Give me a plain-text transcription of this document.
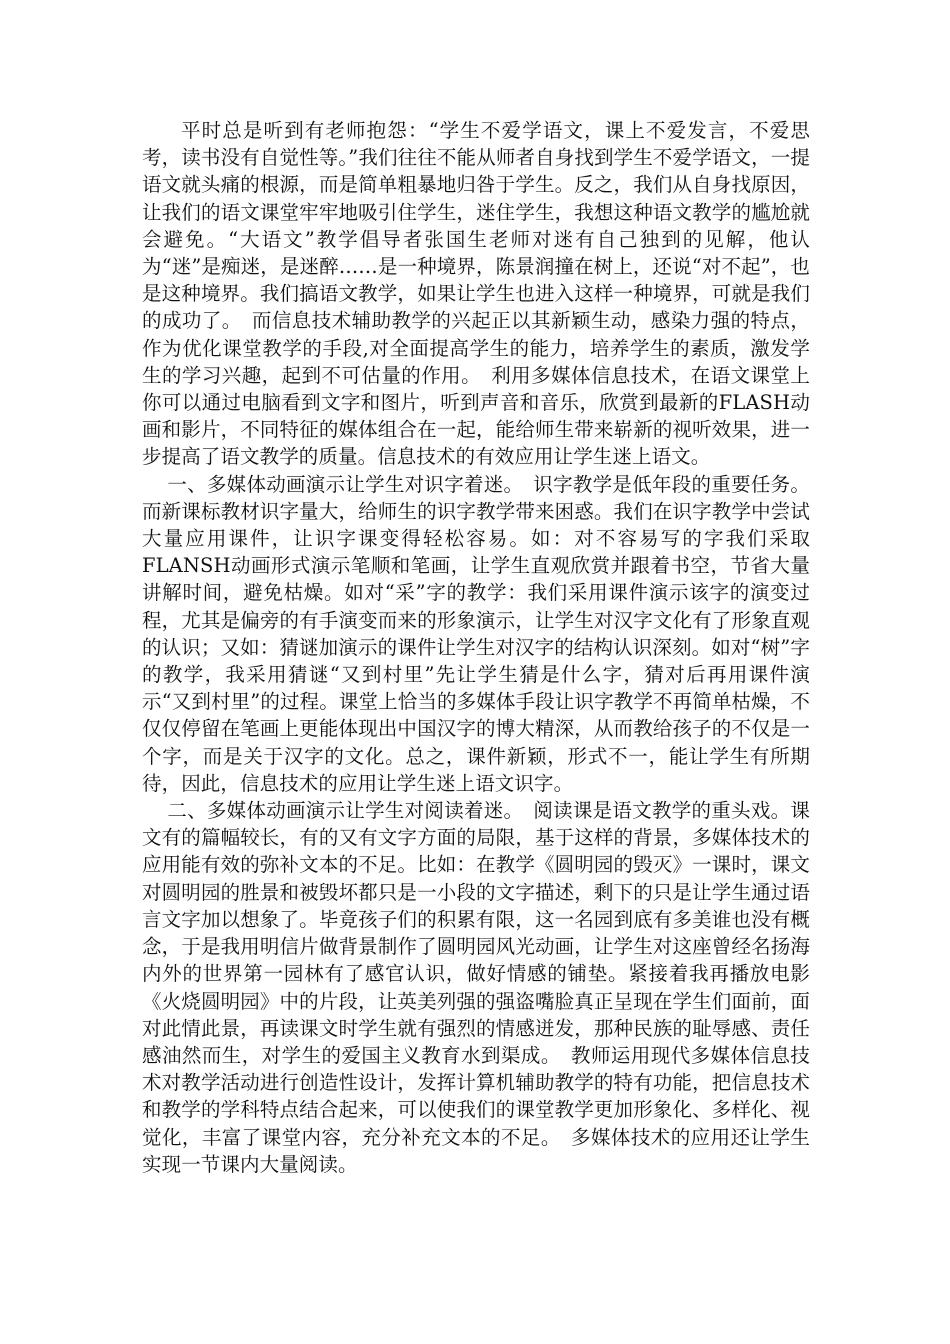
平时总是听到有老师抱怨：“学生不爱学语文，课上不爱发言，不爱思考，读书没有自觉性等。”我们往往不能从师者自身找到学生不爱学语文，一提语文就头痛的根源，而是简单粗暴地归咎于学生。反之，我们从自身找原因，让我们的语文课堂牢牢地吸引住学生，迷住学生，我想这种语文教学的尴尬就会避免。“大语文”教学倡导者张国生老师对迷有自己独到的见解，他认为“迷”是痴迷，是迷醉……是一种境界，陈景润撞在树上，还说“对不起”，也是这种境界。我们搞语文教学，如果让学生也进入这样一种境界，可就是我们的成功了。　而信息技术辅助教学的兴起正以其新颖生动，感染力强的特点，作为优化课堂教学的手段,对全面提高学生的能力，培养学生的素质，激发学生的学习兴趣，起到不可估量的作用。　利用多媒体信息技术，在语文课堂上你可以通过电脑看到文字和图片，听到声音和音乐，欣赏到最新的FLASH动画和影片，不同特征的媒体组合在一起，能给师生带来崭新的视听效果，进一步提高了语文教学的质量。信息技术的有效应用让学生迷上语文。

一、多媒体动画演示让学生对识字着迷。　识字教学是低年段的重要任务。而新课标教材识字量大，给师生的识字教学带来困惑。我们在识字教学中尝试大量应用课件，让识字课变得轻松容易。如：对不容易写的字我们采取FLANSH动画形式演示笔顺和笔画，让学生直观欣赏并跟着书空，节省大量讲解时间，避免枯燥。如对“采”字的教学：我们采用课件演示该字的演变过程，尤其是偏旁的有手演变而来的形象演示，让学生对汉字文化有了形象直观的认识；又如：猜谜加演示的课件让学生对汉字的结构认识深刻。如对“树”字的教学，我采用猜谜“又到村里”先让学生猜是什么字，猜对后再用课件演示“又到村里”的过程。课堂上恰当的多媒体手段让识字教学不再简单枯燥，不仅仅停留在笔画上更能体现出中国汉字的博大精深，从而教给孩子的不仅是一个字，而是关于汉字的文化。总之，课件新颖，形式不一，能让学生有所期待，因此，信息技术的应用让学生迷上语文识字。

二、多媒体动画演示让学生对阅读着迷。　阅读课是语文教学的重头戏。课文有的篇幅较长，有的又有文字方面的局限，基于这样的背景，多媒体技术的应用能有效的弥补文本的不足。比如：在教学《圆明园的毁灭》一课时，课文对圆明园的胜景和被毁坏都只是一小段的文字描述，剩下的只是让学生通过语言文字加以想象了。毕竟孩子们的积累有限，这一名园到底有多美谁也没有概念，于是我用明信片做背景制作了圆明园风光动画，让学生对这座曾经名扬海内外的世界第一园林有了感官认识，做好情感的铺垫。紧接着我再播放电影《火烧圆明园》中的片段，让英美列强的强盗嘴脸真正呈现在学生们面前，面对此情此景，再读课文时学生就有强烈的情感迸发，那种民族的耻辱感、责任感油然而生，对学生的爱国主义教育水到渠成。　教师运用现代多媒体信息技术对教学活动进行创造性设计，发挥计算机辅助教学的特有功能，把信息技术和教学的学科特点结合起来，可以使我们的课堂教学更加形象化、多样化、视觉化，丰富了课堂内容，充分补充文本的不足。　多媒体技术的应用还让学生实现一节课内大量阅读。
